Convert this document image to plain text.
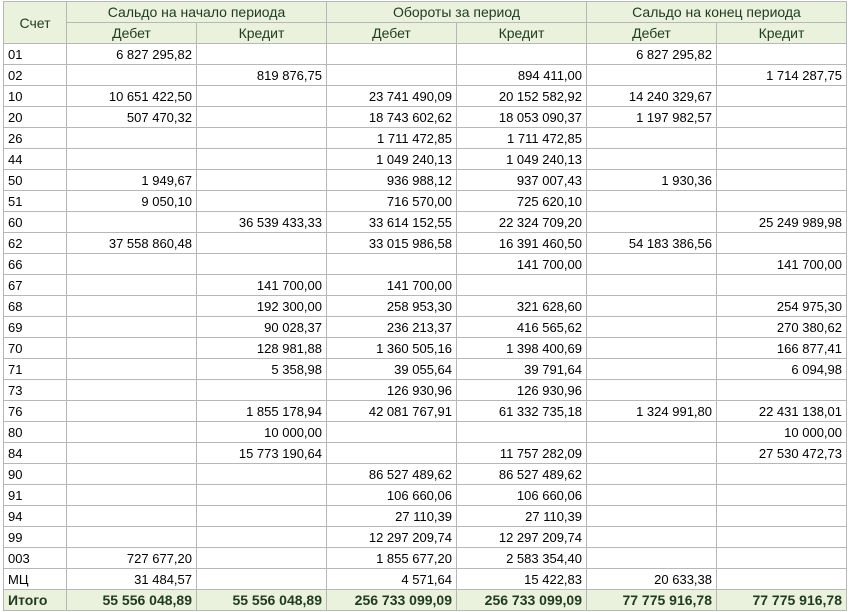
Счет	Сальдо на начало периода		Обороты за период		Сальдо на конец периода	
	Дебет	Кредит	Дебет	Кредит	Дебет	Кредит
01	6 827 295,82				6 827 295,82	
02		819 876,75		894 411,00		1 714 287,75
10	10 651 422,50		23 741 490,09	20 152 582,92	14 240 329,67	
20	507 470,32		18 743 602,62	18 053 090,37	1 197 982,57	
26			1 711 472,85	1 711 472,85		
44			1 049 240,13	1 049 240,13		
50	1 949,67		936 988,12	937 007,43	1 930,36	
51	9 050,10		716 570,00	725 620,10		
60		36 539 433,33	33 614 152,55	22 324 709,20		25 249 989,98
62	37 558 860,48		33 015 986,58	16 391 460,50	54 183 386,56	
66				141 700,00		141 700,00
67		141 700,00	141 700,00			
68		192 300,00	258 953,30	321 628,60		254 975,30
69		90 028,37	236 213,37	416 565,62		270 380,62
70		128 981,88	1 360 505,16	1 398 400,69		166 877,41
71		5 358,98	39 055,64	39 791,64		6 094,98
73			126 930,96	126 930,96		
76		1 855 178,94	42 081 767,91	61 332 735,18	1 324 991,80	22 431 138,01
80		10 000,00				10 000,00
84		15 773 190,64		11 757 282,09		27 530 472,73
90			86 527 489,62	86 527 489,62		
91			106 660,06	106 660,06		
94			27 110,39	27 110,39		
99			12 297 209,74	12 297 209,74		
003	727 677,20		1 855 677,20	2 583 354,40		
МЦ	31 484,57		4 571,64	15 422,83	20 633,38	
Итого	55 556 048,89	55 556 048,89	256 733 099,09	256 733 099,09	77 775 916,78	77 775 916,78
